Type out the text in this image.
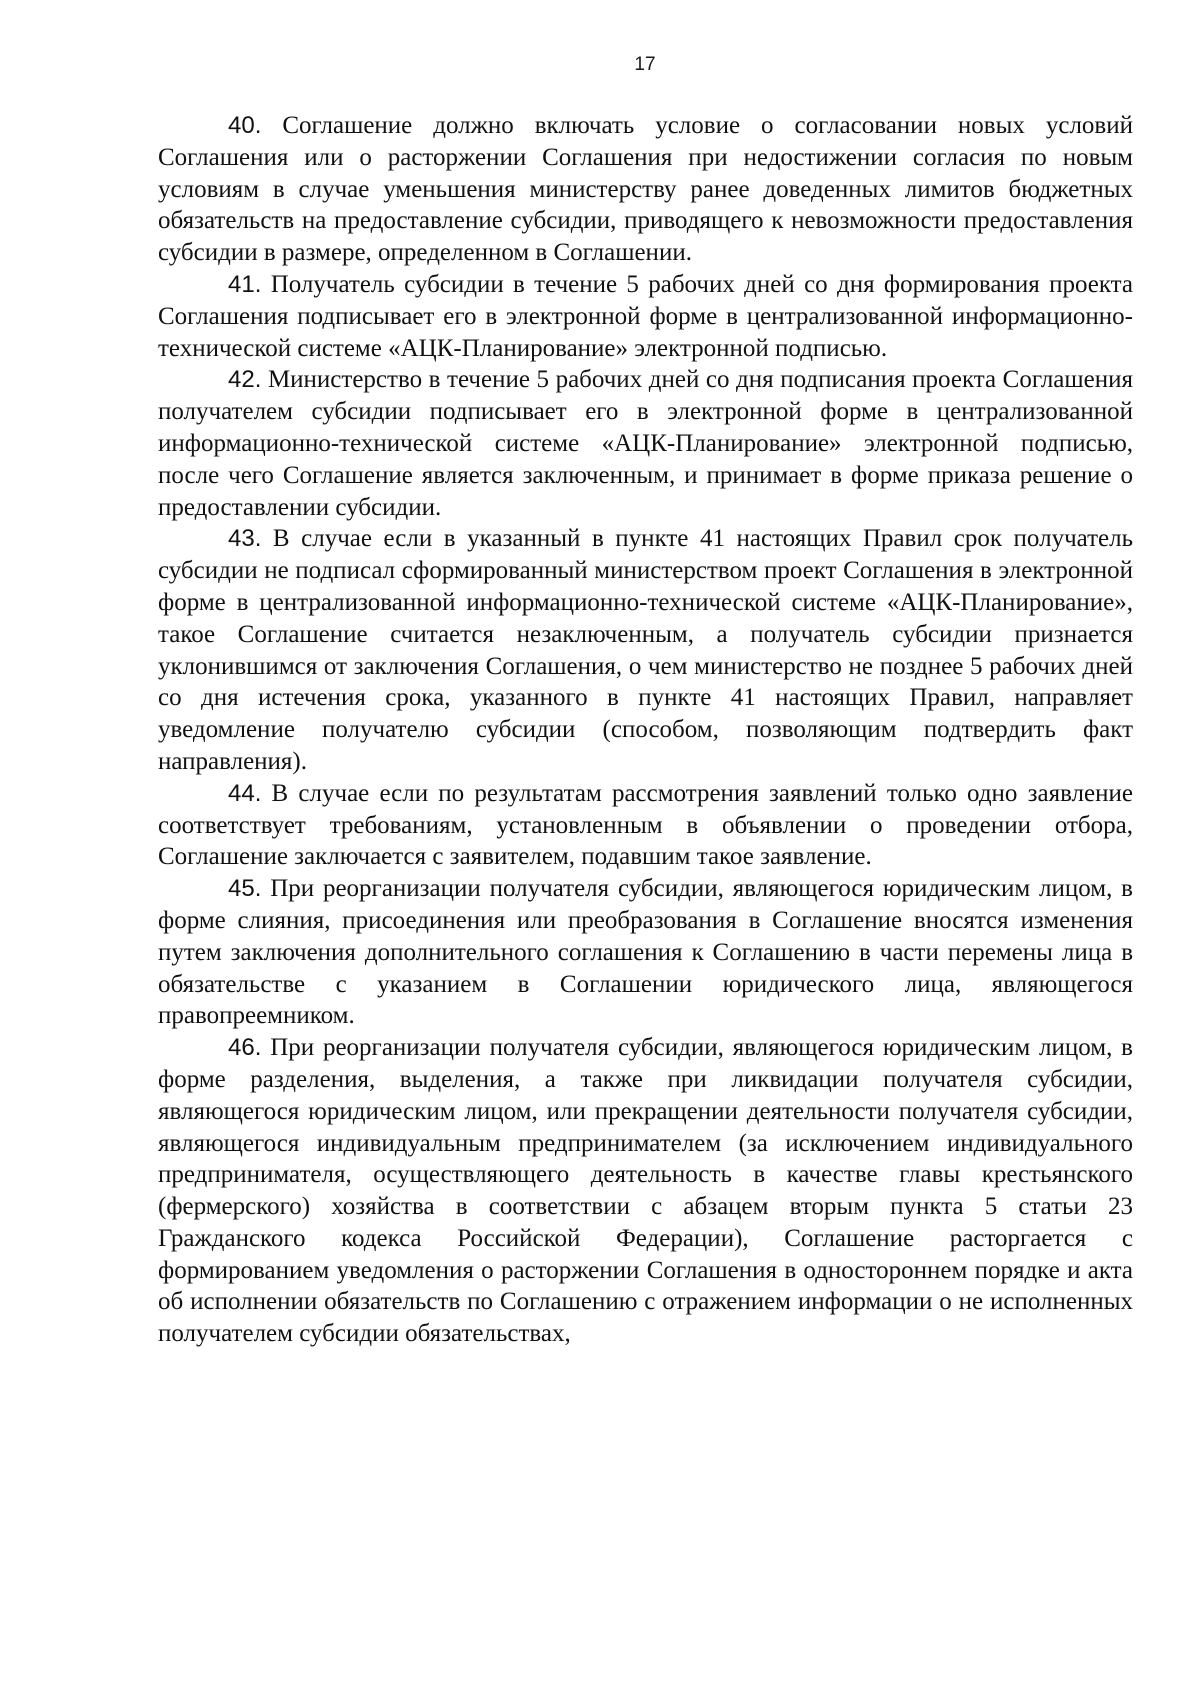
17

40. Соглашение должно включать условие о согласовании новых условий Соглашения или о расторжении Соглашения при недостижении согласия по новым условиям в случае уменьшения министерству ранее доведенных лимитов бюджетных обязательств на предоставление субсидии, приводящего к невозможности предоставления субсидии в размере, определенном в Соглашении.

41. Получатель субсидии в течение 5 рабочих дней со дня формирования проекта Соглашения подписывает его в электронной форме в централизованной информационно-технической системе «АЦК-Планирование» электронной подписью.

42. Министерство в течение 5 рабочих дней со дня подписания проекта Соглашения получателем субсидии подписывает его в электронной форме в централизованной информационно-технической системе «АЦК-Планирование» электронной подписью, после чего Соглашение является заключенным, и принимает в форме приказа решение о предоставлении субсидии.

43. В случае если в указанный в пункте 41 настоящих Правил срок получатель субсидии не подписал сформированный министерством проект Соглашения в электронной форме в централизованной информационно-технической системе «АЦК-Планирование», такое Соглашение считается незаключенным, а получатель субсидии признается уклонившимся от заключения Соглашения, о чем министерство не позднее 5 рабочих дней со дня истечения срока, указанного в пункте 41 настоящих Правил, направляет уведомление получателю субсидии (способом, позволяющим подтвердить факт направления).

44. В случае если по результатам рассмотрения заявлений только одно заявление соответствует требованиям, установленным в объявлении о проведении отбора, Соглашение заключается с заявителем, подавшим такое заявление.

45. При реорганизации получателя субсидии, являющегося юридическим лицом, в форме слияния, присоединения или преобразования в Соглашение вносятся изменения путем заключения дополнительного соглашения к Соглашению в части перемены лица в обязательстве с указанием в Соглашении юридического лица, являющегося правопреемником.

46. При реорганизации получателя субсидии, являющегося юридическим лицом, в форме разделения, выделения, а также при ликвидации получателя субсидии, являющегося юридическим лицом, или прекращении деятельности получателя субсидии, являющегося индивидуальным предпринимателем (за исключением индивидуального предпринимателя, осуществляющего деятельность в качестве главы крестьянского (фермерского) хозяйства в соответствии с абзацем вторым пункта 5 статьи 23 Гражданского кодекса Российской Федерации), Соглашение расторгается с формированием уведомления о расторжении Соглашения в одностороннем порядке и акта об исполнении обязательств по Соглашению с отражением информации о не исполненных получателем субсидии обязательствах,
